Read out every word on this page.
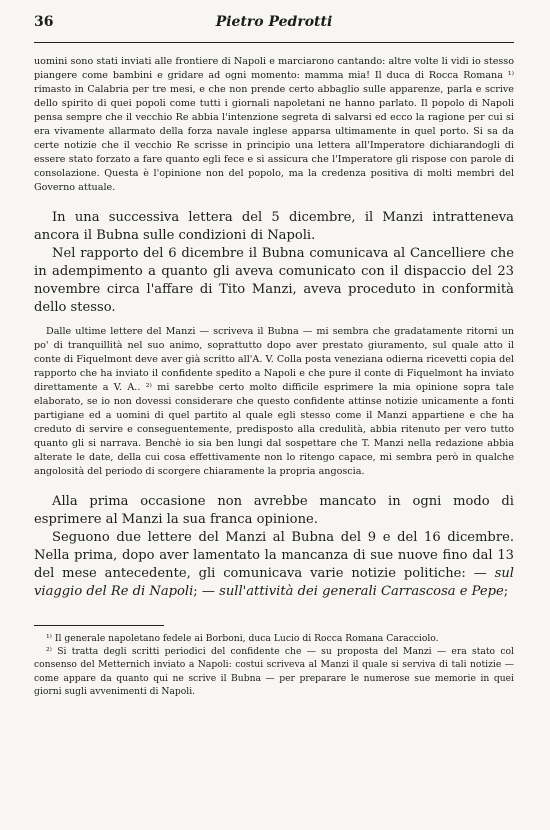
36	Pietro Pedrotti

uomini sono stati inviati alle frontiere di Napoli e marciarono cantando: altre volte li vidi io stesso piangere come bambini e gridare ad ogni momento: mamma mia! Il duca di Rocca Romana ¹⁾ rimasto in Calabria per tre mesi, e che non prende certo abbaglio sulle apparenze, parla e scrive dello spirito di quei popoli come tutti i giornali napoletani ne hanno parlato. Il popolo di Napoli pensa sempre che il vecchio Re abbia l'intenzione segreta di salvarsi ed ecco la ragione per cui si era vivamente allarmato della forza navale inglese apparsa ultimamente in quel porto. Si sa da certe notizie che il vecchio Re scrisse in principio una lettera all'Imperatore dichiarandogli di essere stato forzato a fare quanto egli fece e si assicura che l'Imperatore gli rispose con parole di consolazione. Questa è l'opinione non del popolo, ma la credenza positiva di molti membri del Governo attuale.

In una successiva lettera del 5 dicembre, il Manzi intratteneva ancora il Bubna sulle condizioni di Napoli.

Nel rapporto del 6 dicembre il Bubna comunicava al Cancelliere che in adempimento a quanto gli aveva comunicato con il dispaccio del 23 novembre circa l'affare di Tito Manzi, aveva proceduto in conformità dello stesso.

Dalle ultime lettere del Manzi — scriveva il Bubna — mi sembra che gradatamente ritorni un po' di tranquillità nel suo animo, soprattutto dopo aver prestato giuramento, sul quale atto il conte di Fiquelmont deve aver già scritto all'A. V. Colla posta veneziana odierna ricevetti copia del rapporto che ha inviato il confidente spedito a Napoli e che pure il conte di Fiquelmont ha inviato direttamente a V. A.. ²⁾ mi sarebbe certo molto difficile esprimere la mia opinione sopra tale elaborato, se io non dovessi considerare che questo confidente attinse notizie unicamente a fonti partigiane ed a uomini di quel partito al quale egli stesso come il Manzi appartiene e che ha creduto di servire e conseguentemente, predisposto alla credulità, abbia ritenuto per vero tutto quanto gli si narrava. Benchè io sia ben lungi dal sospettare che T. Manzi nella redazione abbia alterate le date, della cui cosa effettivamente non lo ritengo capace, mi sembra però in qualche angolosità del periodo di scorgere chiaramente la propria angoscia.

Alla prima occasione non avrebbe mancato in ogni modo di esprimere al Manzi la sua franca opinione.

Seguono due lettere del Manzi al Bubna del 9 e del 16 dicembre. Nella prima, dopo aver lamentato la mancanza di sue nuove fino dal 13 del mese antecedente, gli comunicava varie notizie politiche: — sul viaggio del Re di Napoli; — sull'attività dei generali Carrascosa e Pepe;

¹⁾ Il generale napoletano fedele ai Borboni, duca Lucio di Rocca Romana Caracciolo.

²⁾ Si tratta degli scritti periodici del confidente che — su proposta del Manzi — era stato col consenso del Metternich inviato a Napoli: costui scriveva al Manzi il quale si serviva di tali notizie — come appare da quanto qui ne scrive il Bubna — per preparare le numerose sue memorie in quei giorni sugli avvenimenti di Napoli.
